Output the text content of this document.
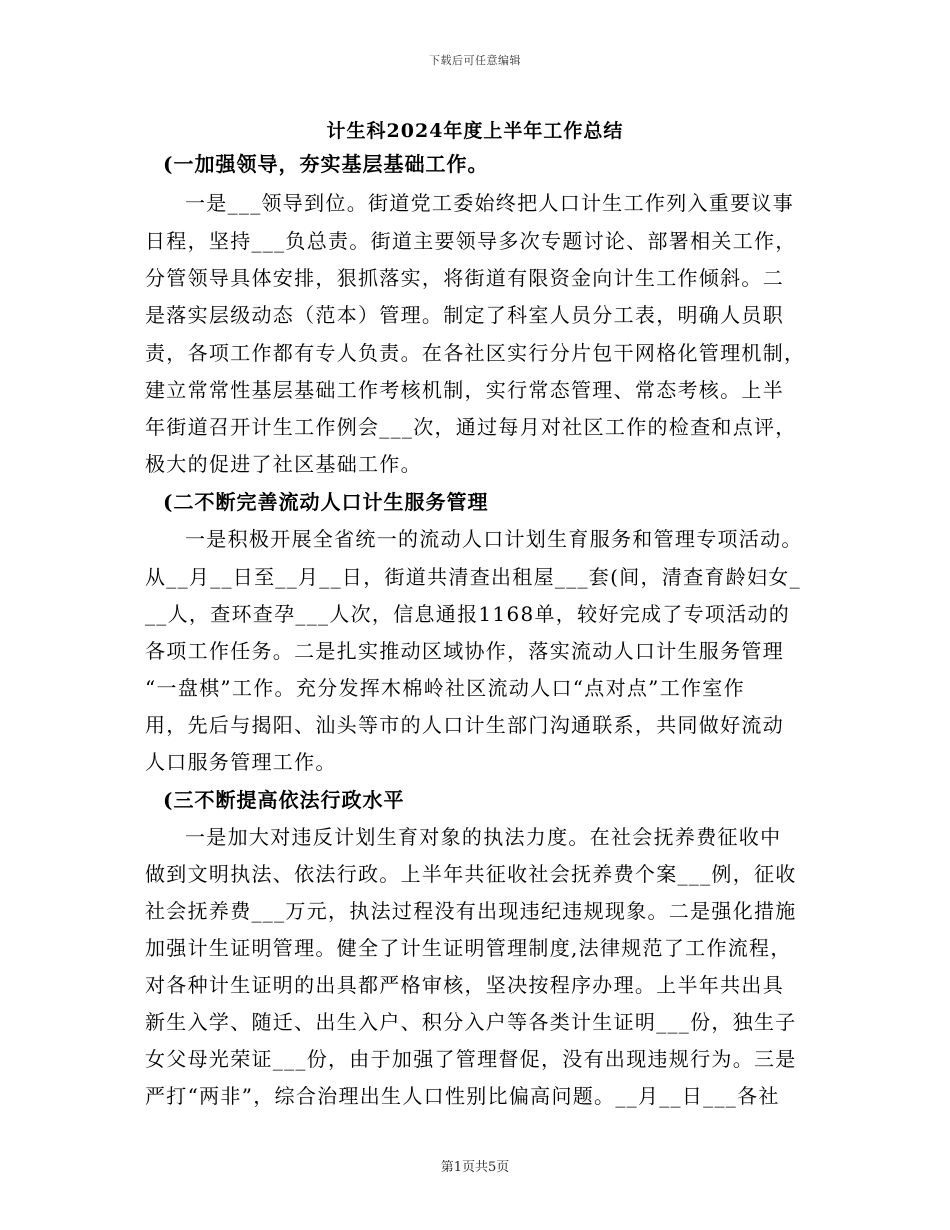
下载后可任意编辑
计生科2024年度上半年工作总结
(一加强领导，夯实基层基础工作。
一是___领导到位。街道党工委始终把人口计生工作列入重要议事
日程，坚持___负总责。街道主要领导多次专题讨论、部署相关工作，
分管领导具体安排，狠抓落实，将街道有限资金向计生工作倾斜。二
是落实层级动态（范本）管理。制定了科室人员分工表，明确人员职
责，各项工作都有专人负责。在各社区实行分片包干网格化管理机制，
建立常常性基层基础工作考核机制，实行常态管理、常态考核。上半
年街道召开计生工作例会___次，通过每月对社区工作的检查和点评，
极大的促进了社区基础工作。
(二不断完善流动人口计生服务管理
一是积极开展全省统一的流动人口计划生育服务和管理专项活动。
从__月__日至__月__日，街道共清查出租屋___套(间，清查育龄妇女_
__人，查环查孕___人次，信息通报1168单，较好完成了专项活动的
各项工作任务。二是扎实推动区域协作，落实流动人口计生服务管理
“一盘棋”工作。充分发挥木棉岭社区流动人口“点对点”工作室作
用，先后与揭阳、汕头等市的人口计生部门沟通联系，共同做好流动
人口服务管理工作。
(三不断提高依法行政水平
一是加大对违反计划生育对象的执法力度。在社会抚养费征收中
做到文明执法、依法行政。上半年共征收社会抚养费个案___例，征收
社会抚养费___万元，执法过程没有出现违纪违规现象。二是强化措施
加强计生证明管理。健全了计生证明管理制度,法律规范了工作流程，
对各种计生证明的出具都严格审核，坚决按程序办理。上半年共出具
新生入学、随迁、出生入户、积分入户等各类计生证明___份，独生子
女父母光荣证___份，由于加强了管理督促，没有出现违规行为。三是
严打“两非”，综合治理出生人口性别比偏高问题。__月__日___各社
第1页共5页
